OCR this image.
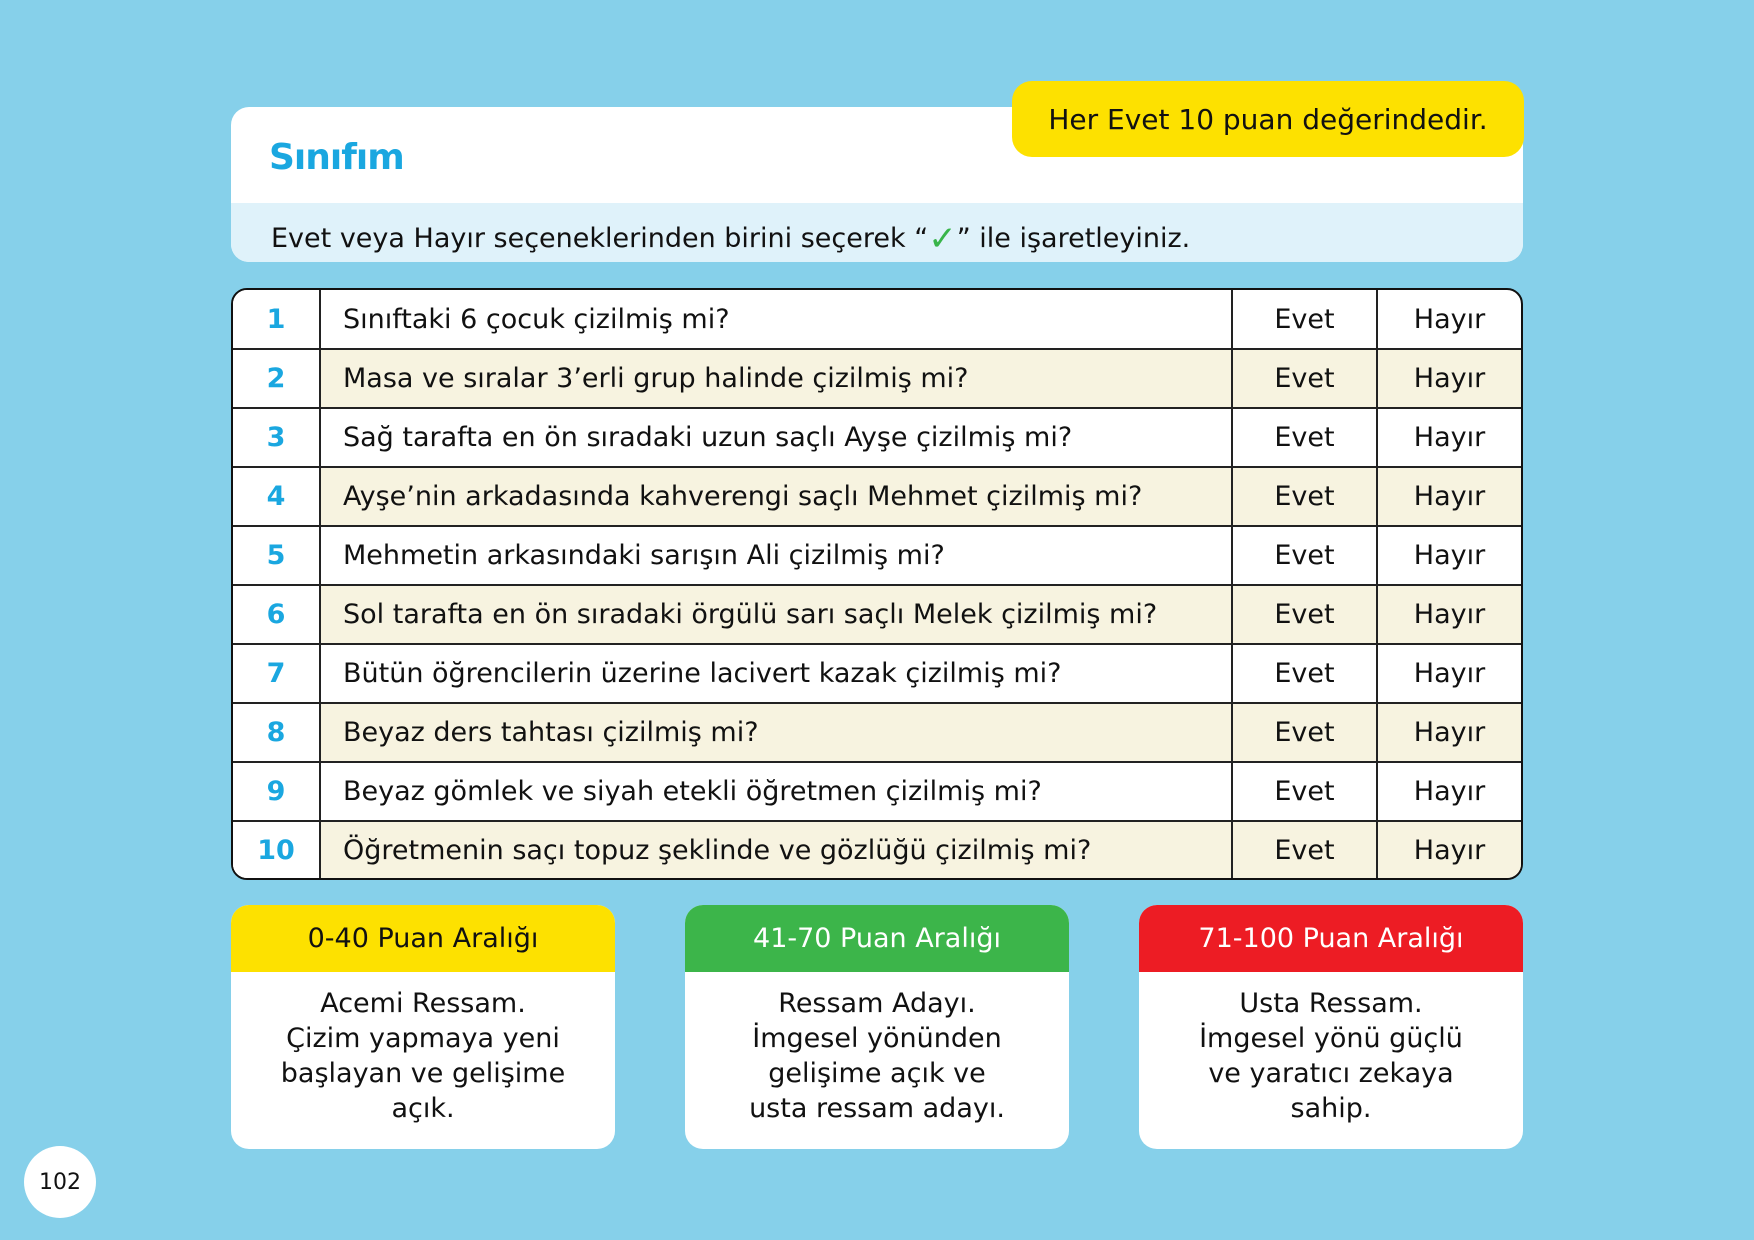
Sınıfım
Evet veya Hayır seçeneklerinden birini seçerek “✓” ile işaretleyiniz.
Her Evet 10 puan değerindedir.
1	Sınıftaki 6 çocuk çizilmiş mi?	Evet	Hayır
2	Masa ve sıralar 3’erli grup halinde çizilmiş mi?	Evet	Hayır
3	Sağ tarafta en ön sıradaki uzun saçlı Ayşe çizilmiş mi?	Evet	Hayır
4	Ayşe’nin arkadasında kahverengi saçlı Mehmet çizilmiş mi?	Evet	Hayır
5	Mehmetin arkasındaki sarışın Ali çizilmiş mi?	Evet	Hayır
6	Sol tarafta en ön sıradaki örgülü sarı saçlı Melek çizilmiş mi?	Evet	Hayır
7	Bütün öğrencilerin üzerine lacivert kazak çizilmiş mi?	Evet	Hayır
8	Beyaz ders tahtası çizilmiş mi?	Evet	Hayır
9	Beyaz gömlek ve siyah etekli öğretmen çizilmiş mi?	Evet	Hayır
10	Öğretmenin saçı topuz şeklinde ve gözlüğü çizilmiş mi?	Evet	Hayır
0-40 Puan Aralığı
Acemi Ressam.
Çizim yapmaya yeni
başlayan ve gelişime
açık.
41-70 Puan Aralığı
Ressam Adayı.
İmgesel yönünden
gelişime açık ve
usta ressam adayı.
71-100 Puan Aralığı
Usta Ressam.
İmgesel yönü güçlü
ve yaratıcı zekaya
sahip.
102
